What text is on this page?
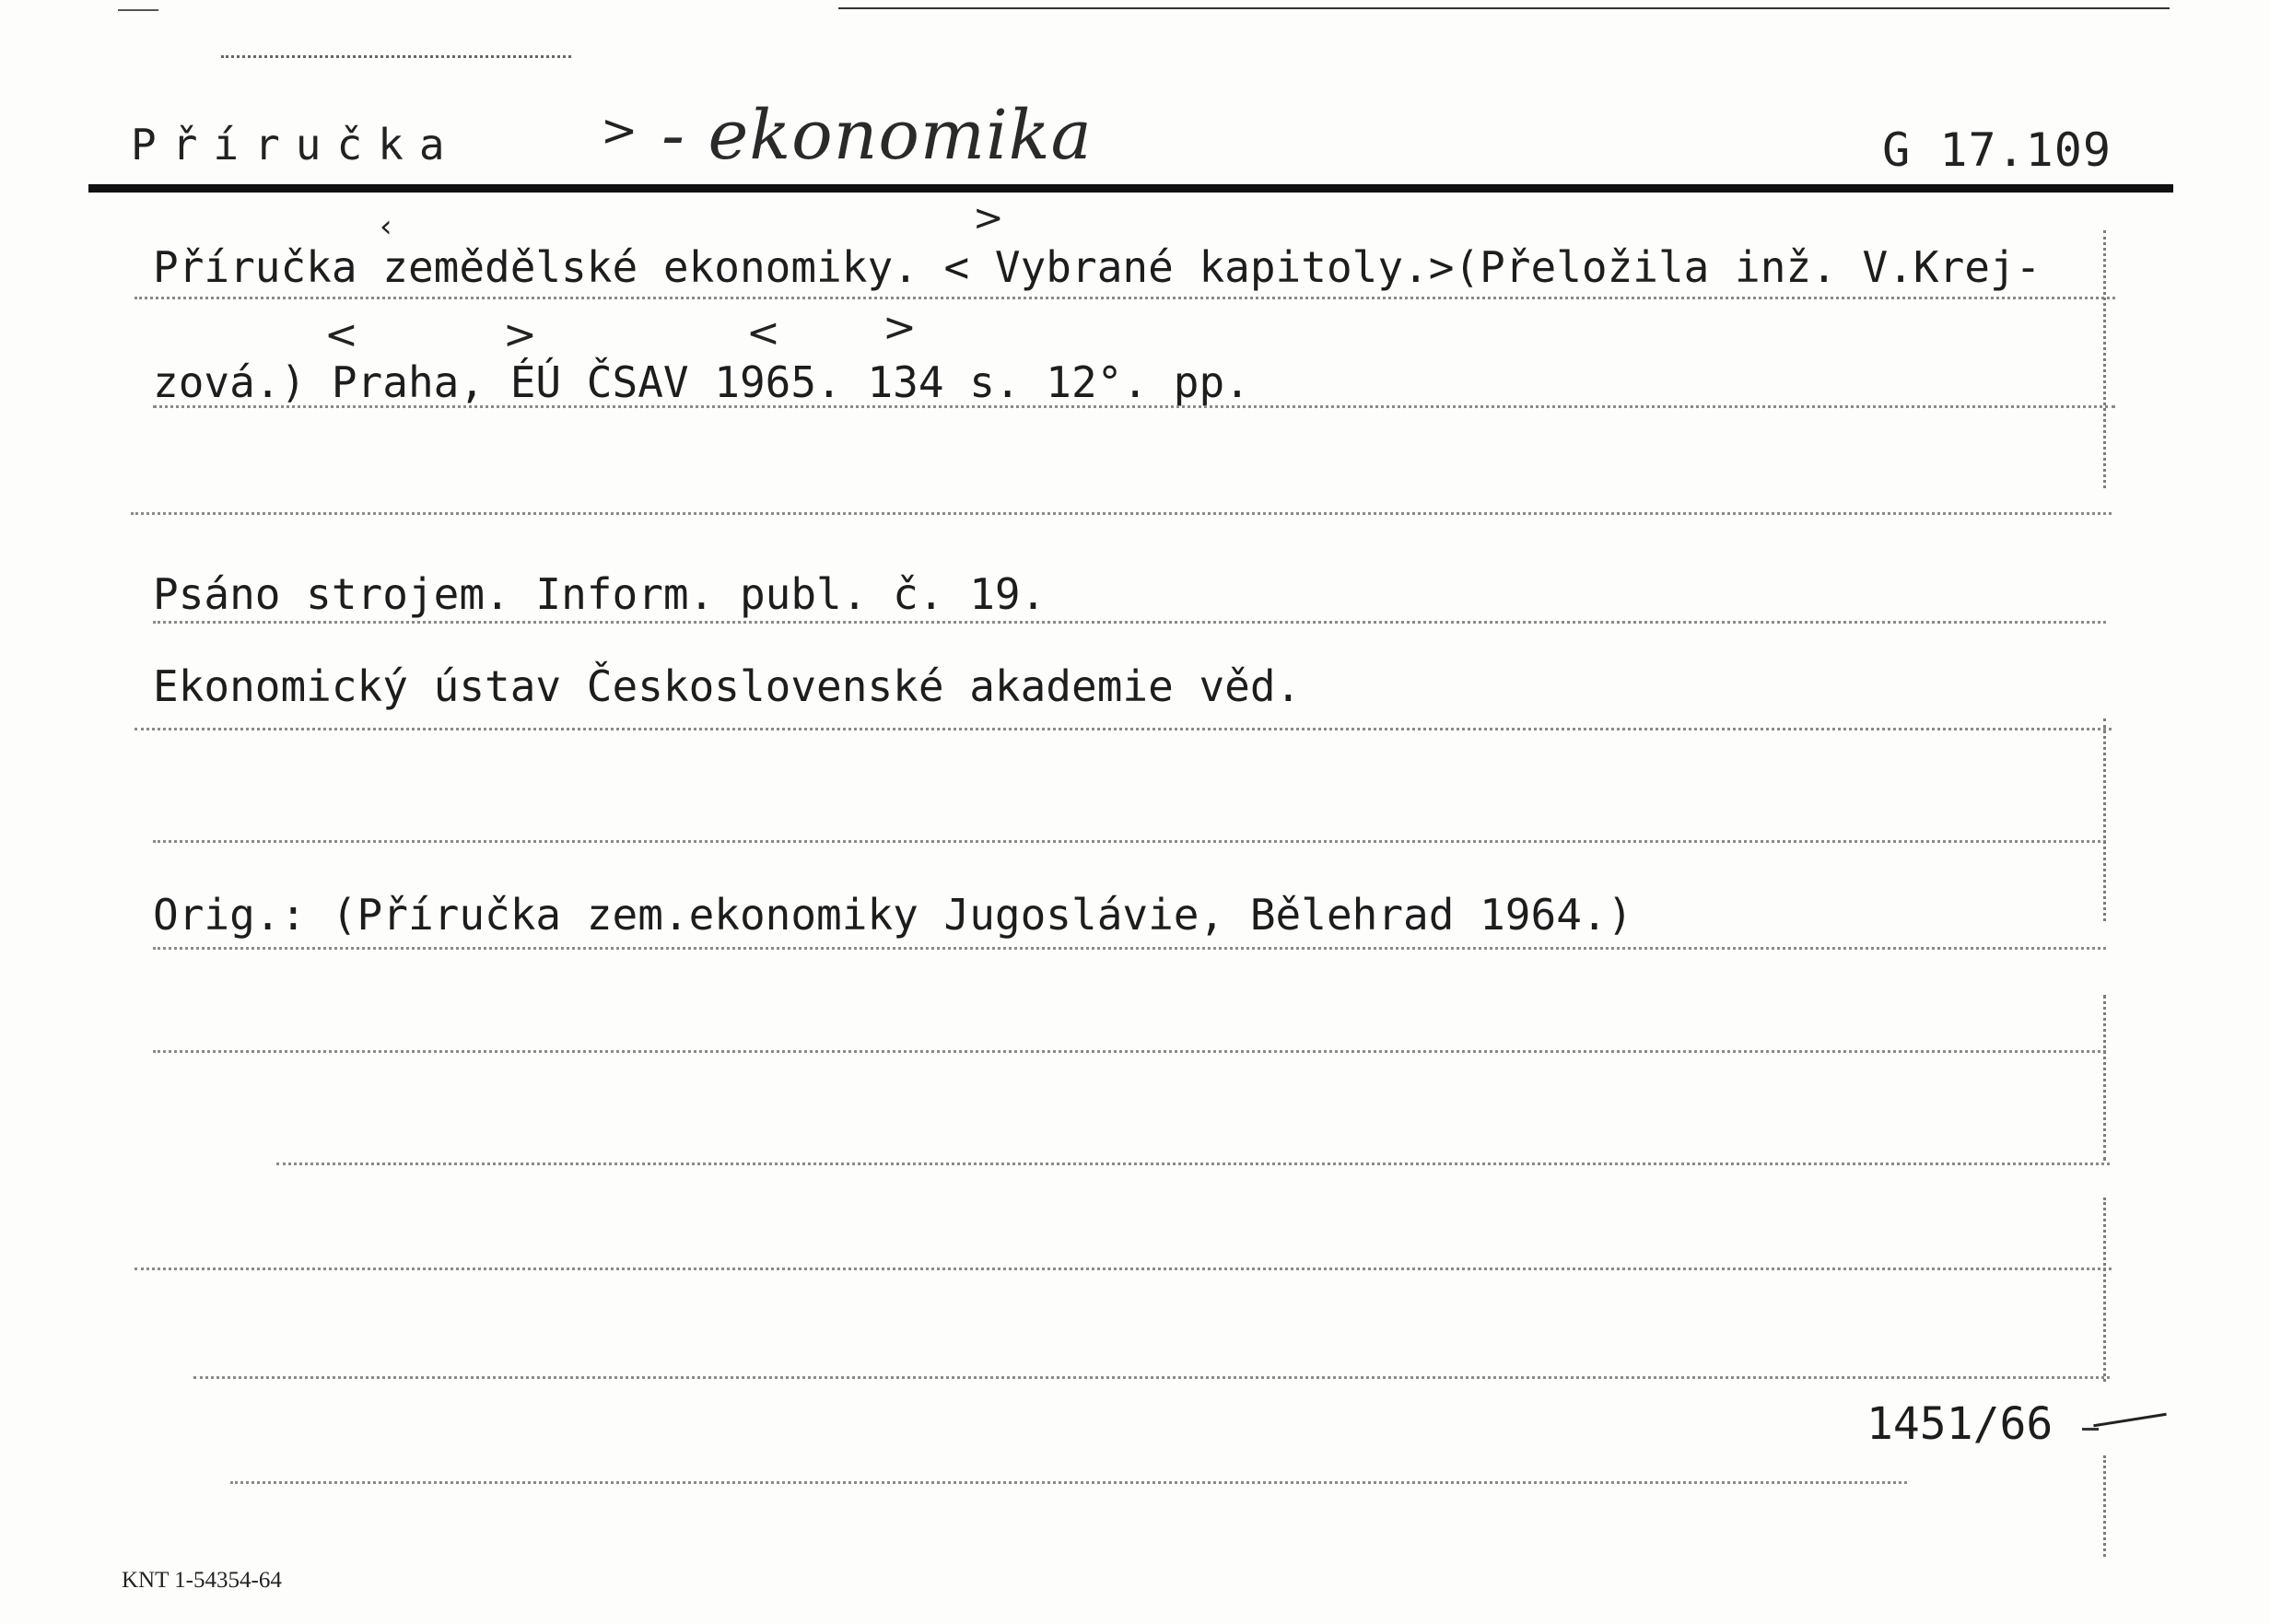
Příručka	> - ekonomika	G 17.109
Příručka zemědělské ekonomiky. < Vybrané kapitoly.>(Přeložila inž. V.Krej-
zová.) Praha, ÉÚ ČSAV 1965. 134 s. 12°. pp.
Psáno strojem. Inform. publ. č. 19.
Ekonomický ústav Československé akademie věd.
Orig.: (Příručka zem.ekonomiky Jugoslávie, Bělehrad 1964.)
‹	>
<	>	<	>
1451/66
KNT 1-54354-64
